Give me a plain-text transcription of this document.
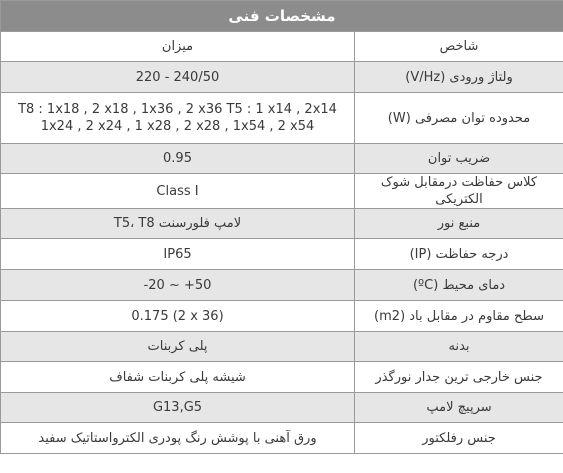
مشخصات فنی	
شاخص	میزان
ولتاژ ورودی (V/Hz)	220 - 240/50
محدوده توان مصرفی (W)	T8 : 1x18 , 2 x18 , 1x36 , 2 x36 T5 : 1 x14 , 2x14
1x24 , 2 x24 , 1 x28 , 2 x28 , 1x54 , 2 x54
ضریب توان	0.95
کلاس حفاظت درمقابل شوک الکتریکی	Class I
منبع نور	لامپ فلورسنت T5، T8
درجه حفاظت (IP)	IP65
دمای محیط (ºC)	-20 ~ +50
سطح مقاوم در مقابل باد (m2)	0.175 (2 x 36)
بدنه	پلی کربنات
جنس خارجی ترین جدار نورگذر	شیشه پلی کربنات شفاف
سرپیچ لامپ	G13,G5
جنس رفلکتور	ورق آهنی با پوشش رنگ پودری الکترواستاتیک سفید
